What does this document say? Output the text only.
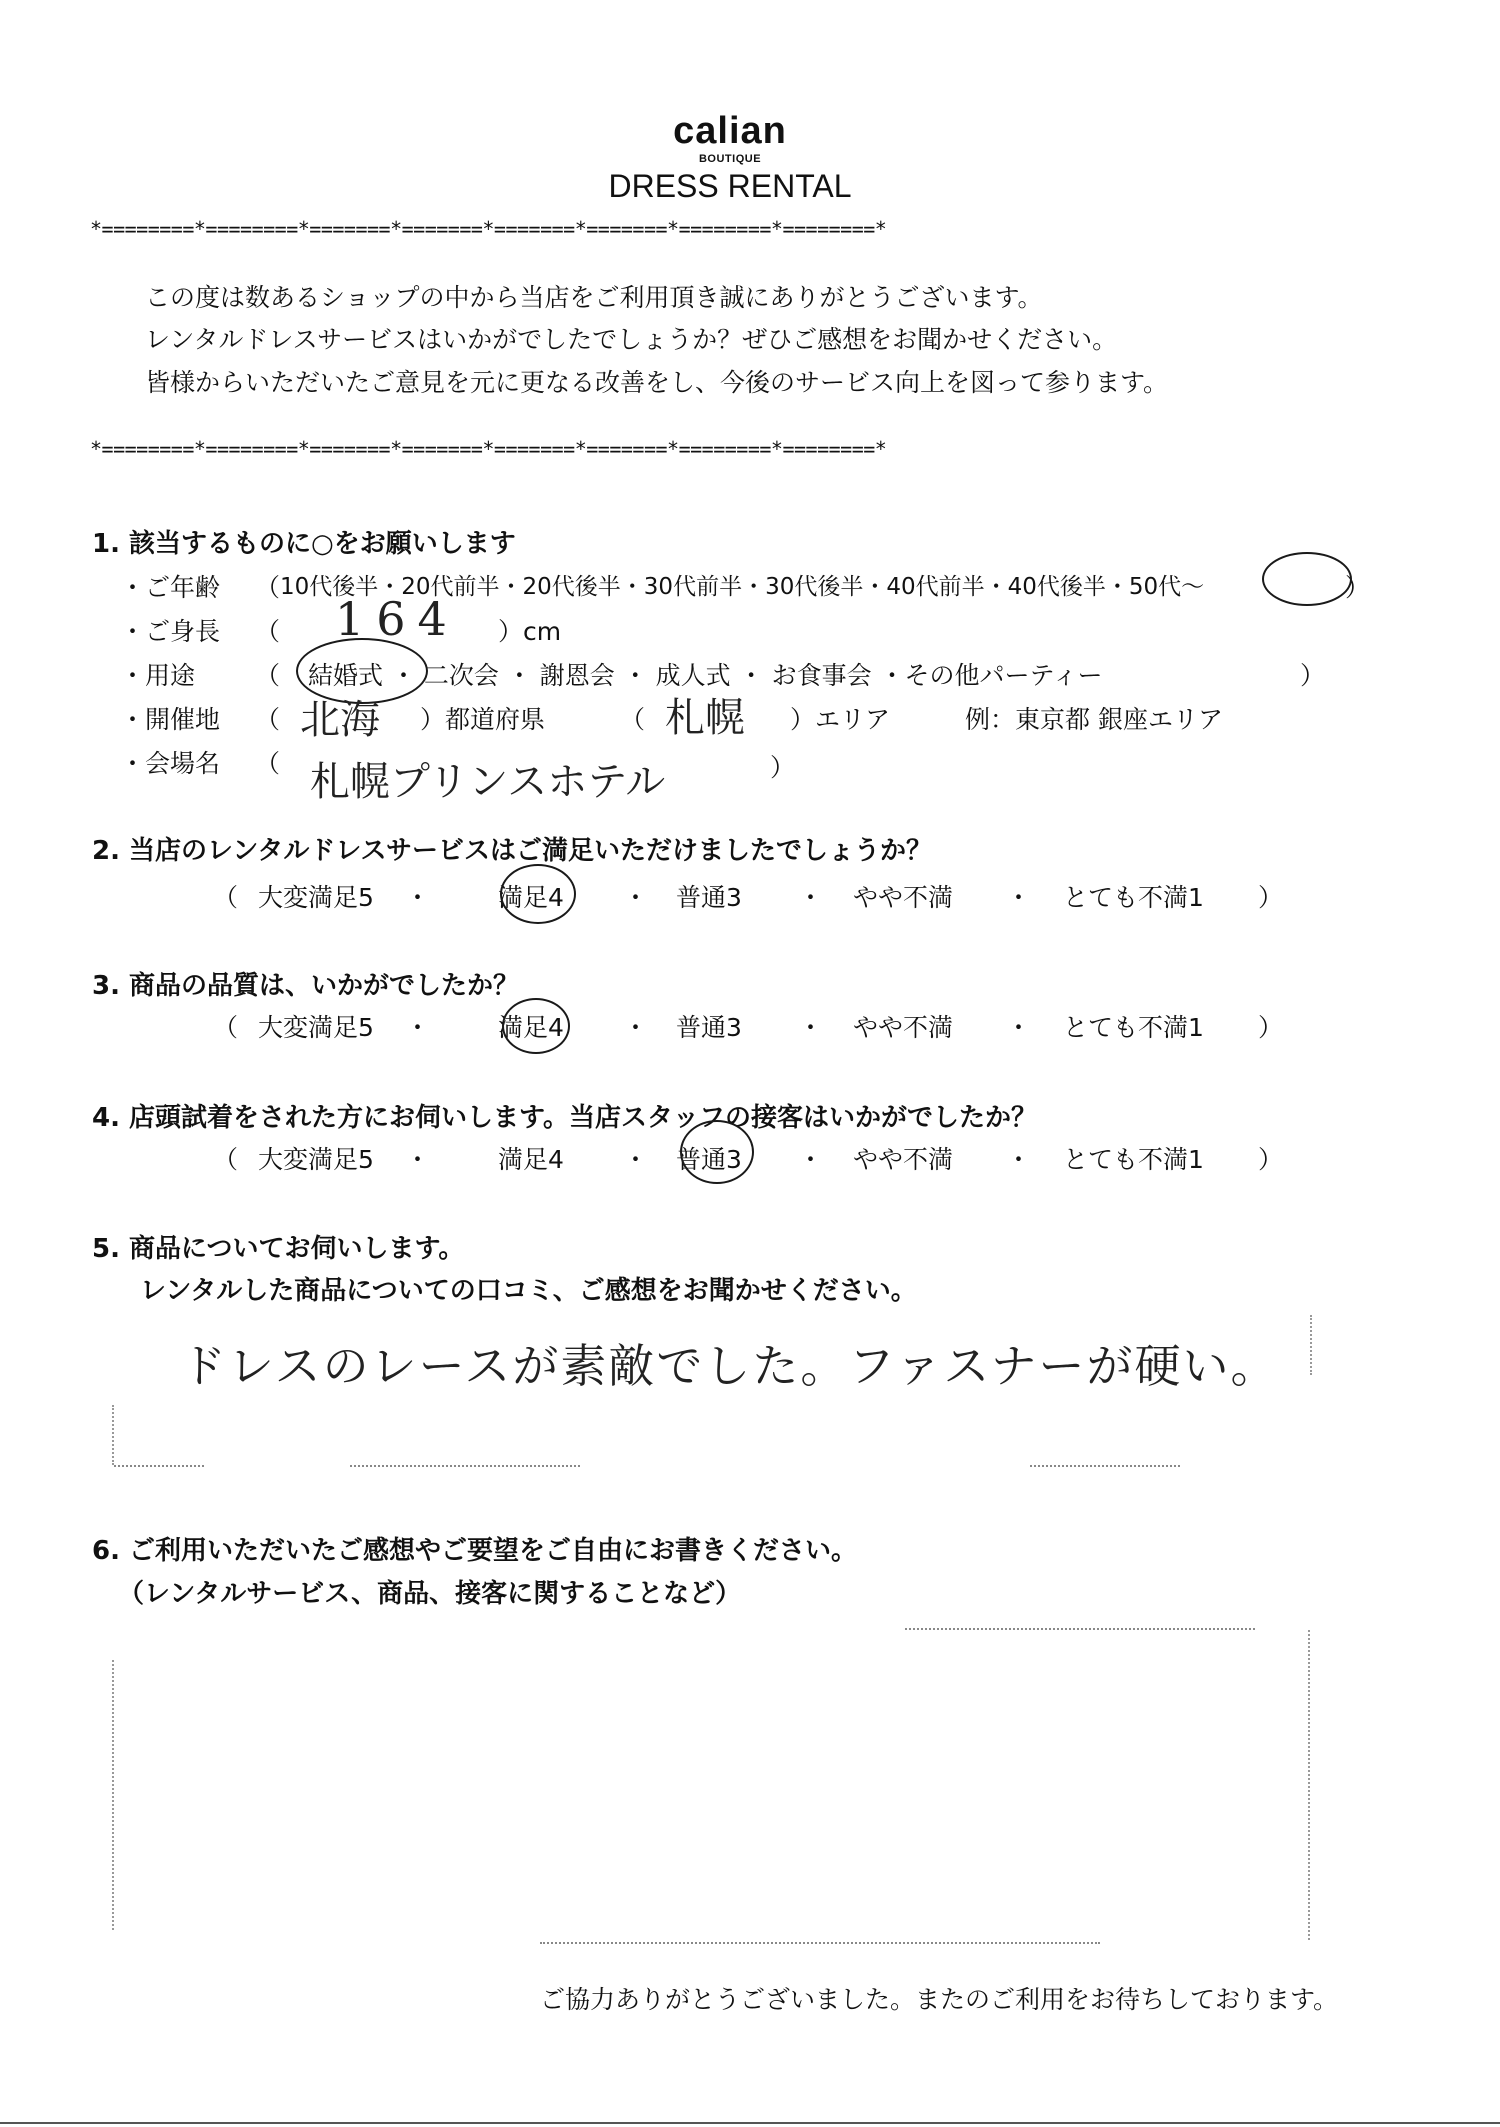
calian
BOUTIQUE
DRESS RENTAL
*========*========*=======*=======*=======*=======*========*========*
この度は数あるショップの中から当店をご利用頂き誠にありがとうございます。
レンタルドレスサービスはいかがでしたでしょうか？ぜひご感想をお聞かせください。
皆様からいただいたご意見を元に更なる改善をし、今後のサービス向上を図って参ります。
*========*========*=======*=======*=======*=======*========*========*
1. 該当するものに○をお願いします
・ご年齢 （ 10代後半・20代前半・20代後半・30代前半・30代後半・40代前半・40代後半・50代〜	）
・ご身長 （ 164 ）cm
・用途 （ 結婚式 ・ 二次会 ・ 謝恩会 ・ 成人式 ・ お食事会 ・その他パーティー	）
・開催地 （ 北海 ）都道府県	（ 札幌 ）エリア	例：東京都 銀座エリア
・会場名 （ 札幌プリンスホテル	）
2. 当店のレンタルドレスサービスはご満足いただけましたでしょうか？
（ 大変満足5 ・	満足4 ・ 普通3 ・ やや不満 ・ とても不満1 ）
3. 商品の品質は、いかがでしたか？
（ 大変満足5 ・	満足4 ・ 普通3 ・ やや不満 ・ とても不満1 ）
4. 店頭試着をされた方にお伺いします。当店スタッフの接客はいかがでしたか？
（ 大変満足5 ・	満足4 ・ 普通3 ・ やや不満 ・ とても不満1 ）
5. 商品についてお伺いします。
レンタルした商品についての口コミ、ご感想をお聞かせください。
ドレスのレースが素敵でした。ファスナーが硬い。
6. ご利用いただいたご感想やご要望をご自由にお書きください。
（レンタルサービス、商品、接客に関することなど）
ご協力ありがとうございました。またのご利用をお待ちしております。
